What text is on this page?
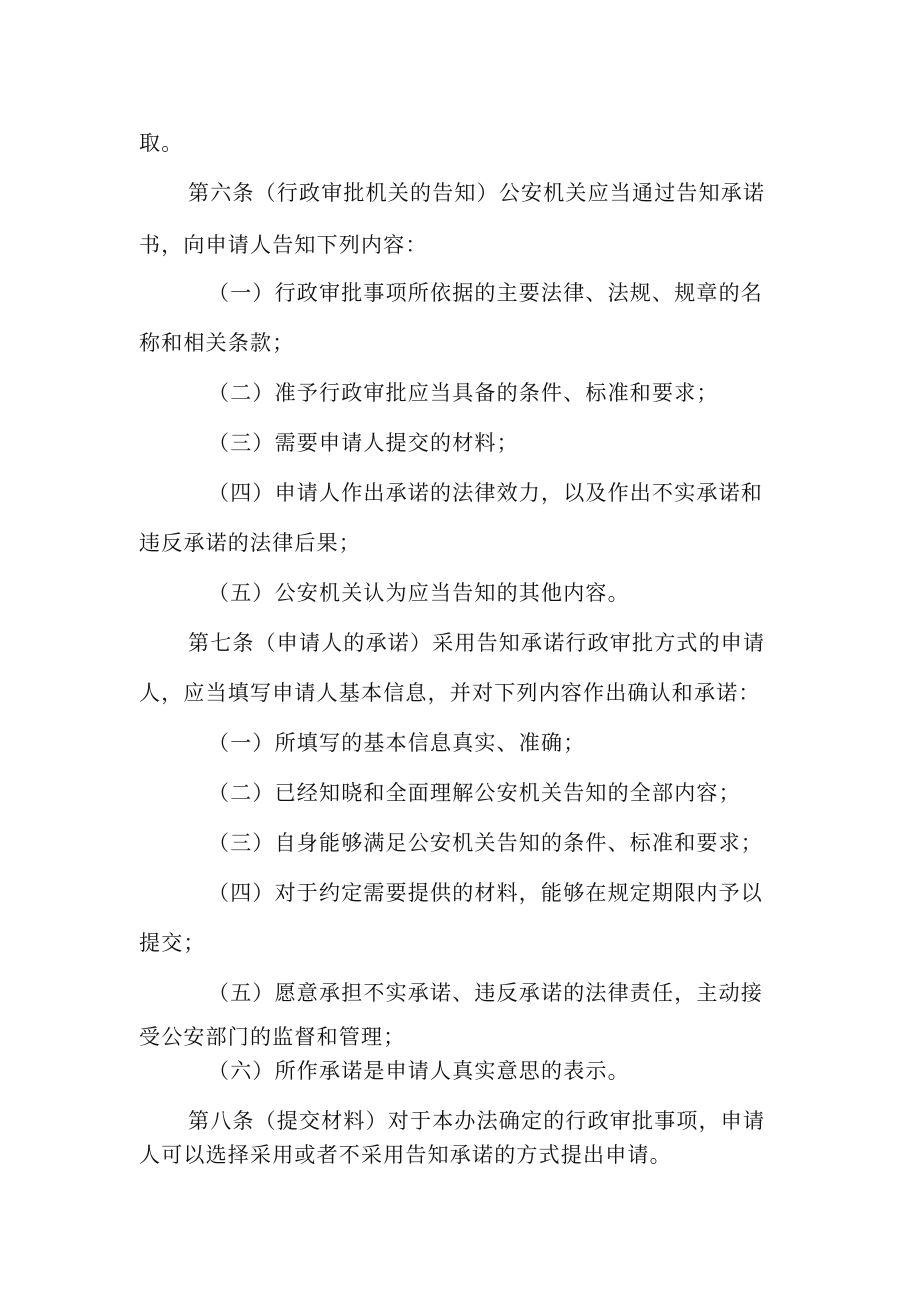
取。
第六条（行政审批机关的告知）公安机关应当通过告知承诺
书，向申请人告知下列内容：
（一）行政审批事项所依据的主要法律、法规、规章的名
称和相关条款；
（二）准予行政审批应当具备的条件、标准和要求；
（三）需要申请人提交的材料；
（四）申请人作出承诺的法律效力，以及作出不实承诺和
违反承诺的法律后果；
（五）公安机关认为应当告知的其他内容。
第七条（申请人的承诺）采用告知承诺行政审批方式的申请
人，应当填写申请人基本信息，并对下列内容作出确认和承诺：
（一）所填写的基本信息真实、准确；
（二）已经知晓和全面理解公安机关告知的全部内容；
（三）自身能够满足公安机关告知的条件、标准和要求；
（四）对于约定需要提供的材料，能够在规定期限内予以
提交；
（五）愿意承担不实承诺、违反承诺的法律责任，主动接
受公安部门的监督和管理；
（六）所作承诺是申请人真实意思的表示。
第八条（提交材料）对于本办法确定的行政审批事项，申请
人可以选择采用或者不采用告知承诺的方式提出申请。
